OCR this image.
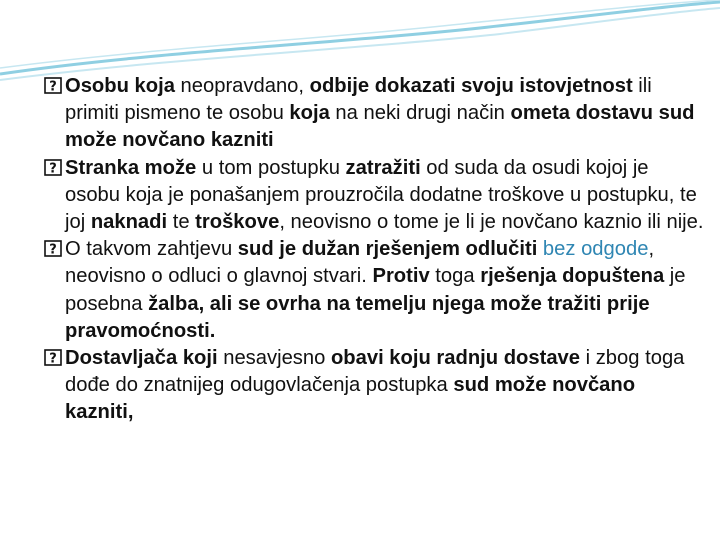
? Osobu koja neopravdano, odbije dokazati svoju istovjetnost ili primiti pismeno te osobu koja na neki drugi način ometa dostavu sud može novčano kazniti

? Stranka može u tom postupku zatražiti od suda da osudi kojoj je osobu koja je ponašanjem prouzročila dodatne troškove u postupku, te joj naknadi te troškove, neovisno o tome je li je novčano kaznio ili nije.

? O takvom zahtjevu sud je dužan rješenjem odlučiti bez odgode, neovisno o odluci o glavnoj stvari. Protiv toga rješenja dopuštena je posebna žalba, ali se ovrha na temelju njega može tražiti prije pravomoćnosti.

? Dostavljača koji nesavjesno obavi koju radnju dostave i zbog toga dođe do znatnijeg odugovlačenja postupka sud može novčano kazniti,
